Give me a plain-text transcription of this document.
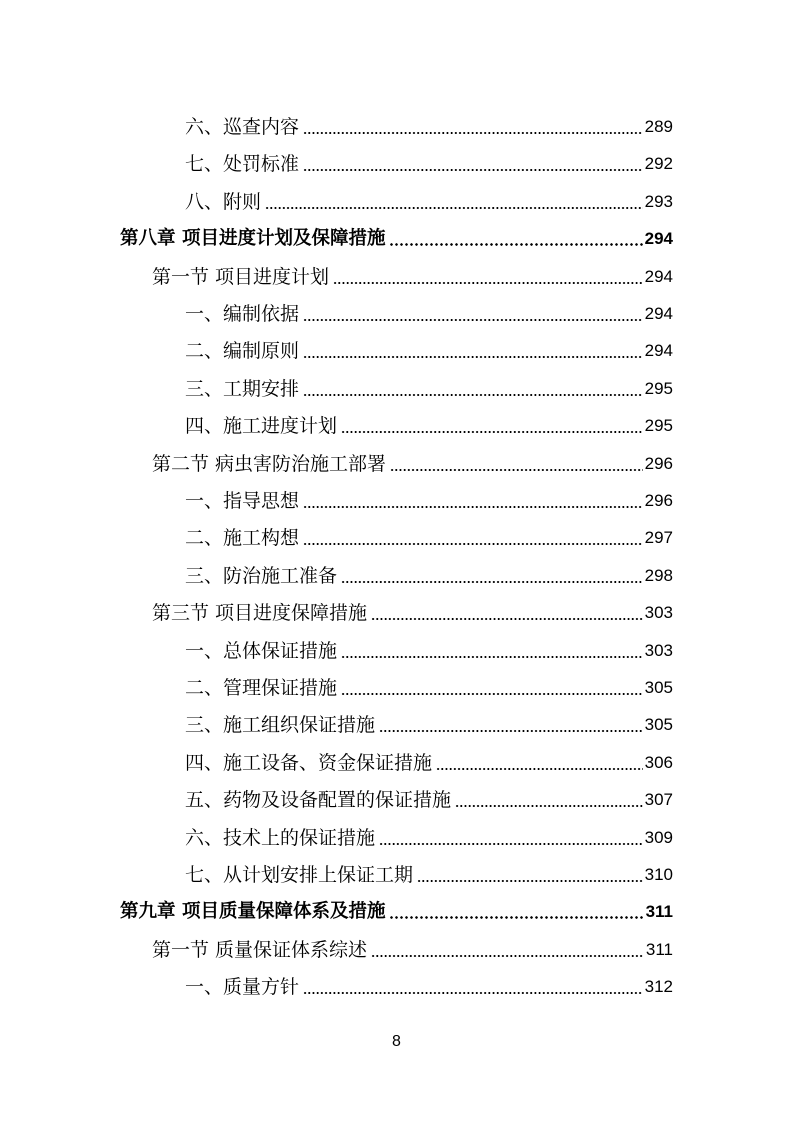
六、巡查内容	289
七、处罚标准	292
八、附则	293
第八章 项目进度计划及保障措施	294
第一节 项目进度计划	294
一、编制依据	294
二、编制原则	294
三、工期安排	295
四、施工进度计划	295
第二节 病虫害防治施工部署	296
一、指导思想	296
二、施工构想	297
三、防治施工准备	298
第三节 项目进度保障措施	303
一、总体保证措施	303
二、管理保证措施	305
三、施工组织保证措施	305
四、施工设备、资金保证措施	306
五、药物及设备配置的保证措施	307
六、技术上的保证措施	309
七、从计划安排上保证工期	310
第九章 项目质量保障体系及措施	311
第一节 质量保证体系综述	311
一、质量方针	312
8
